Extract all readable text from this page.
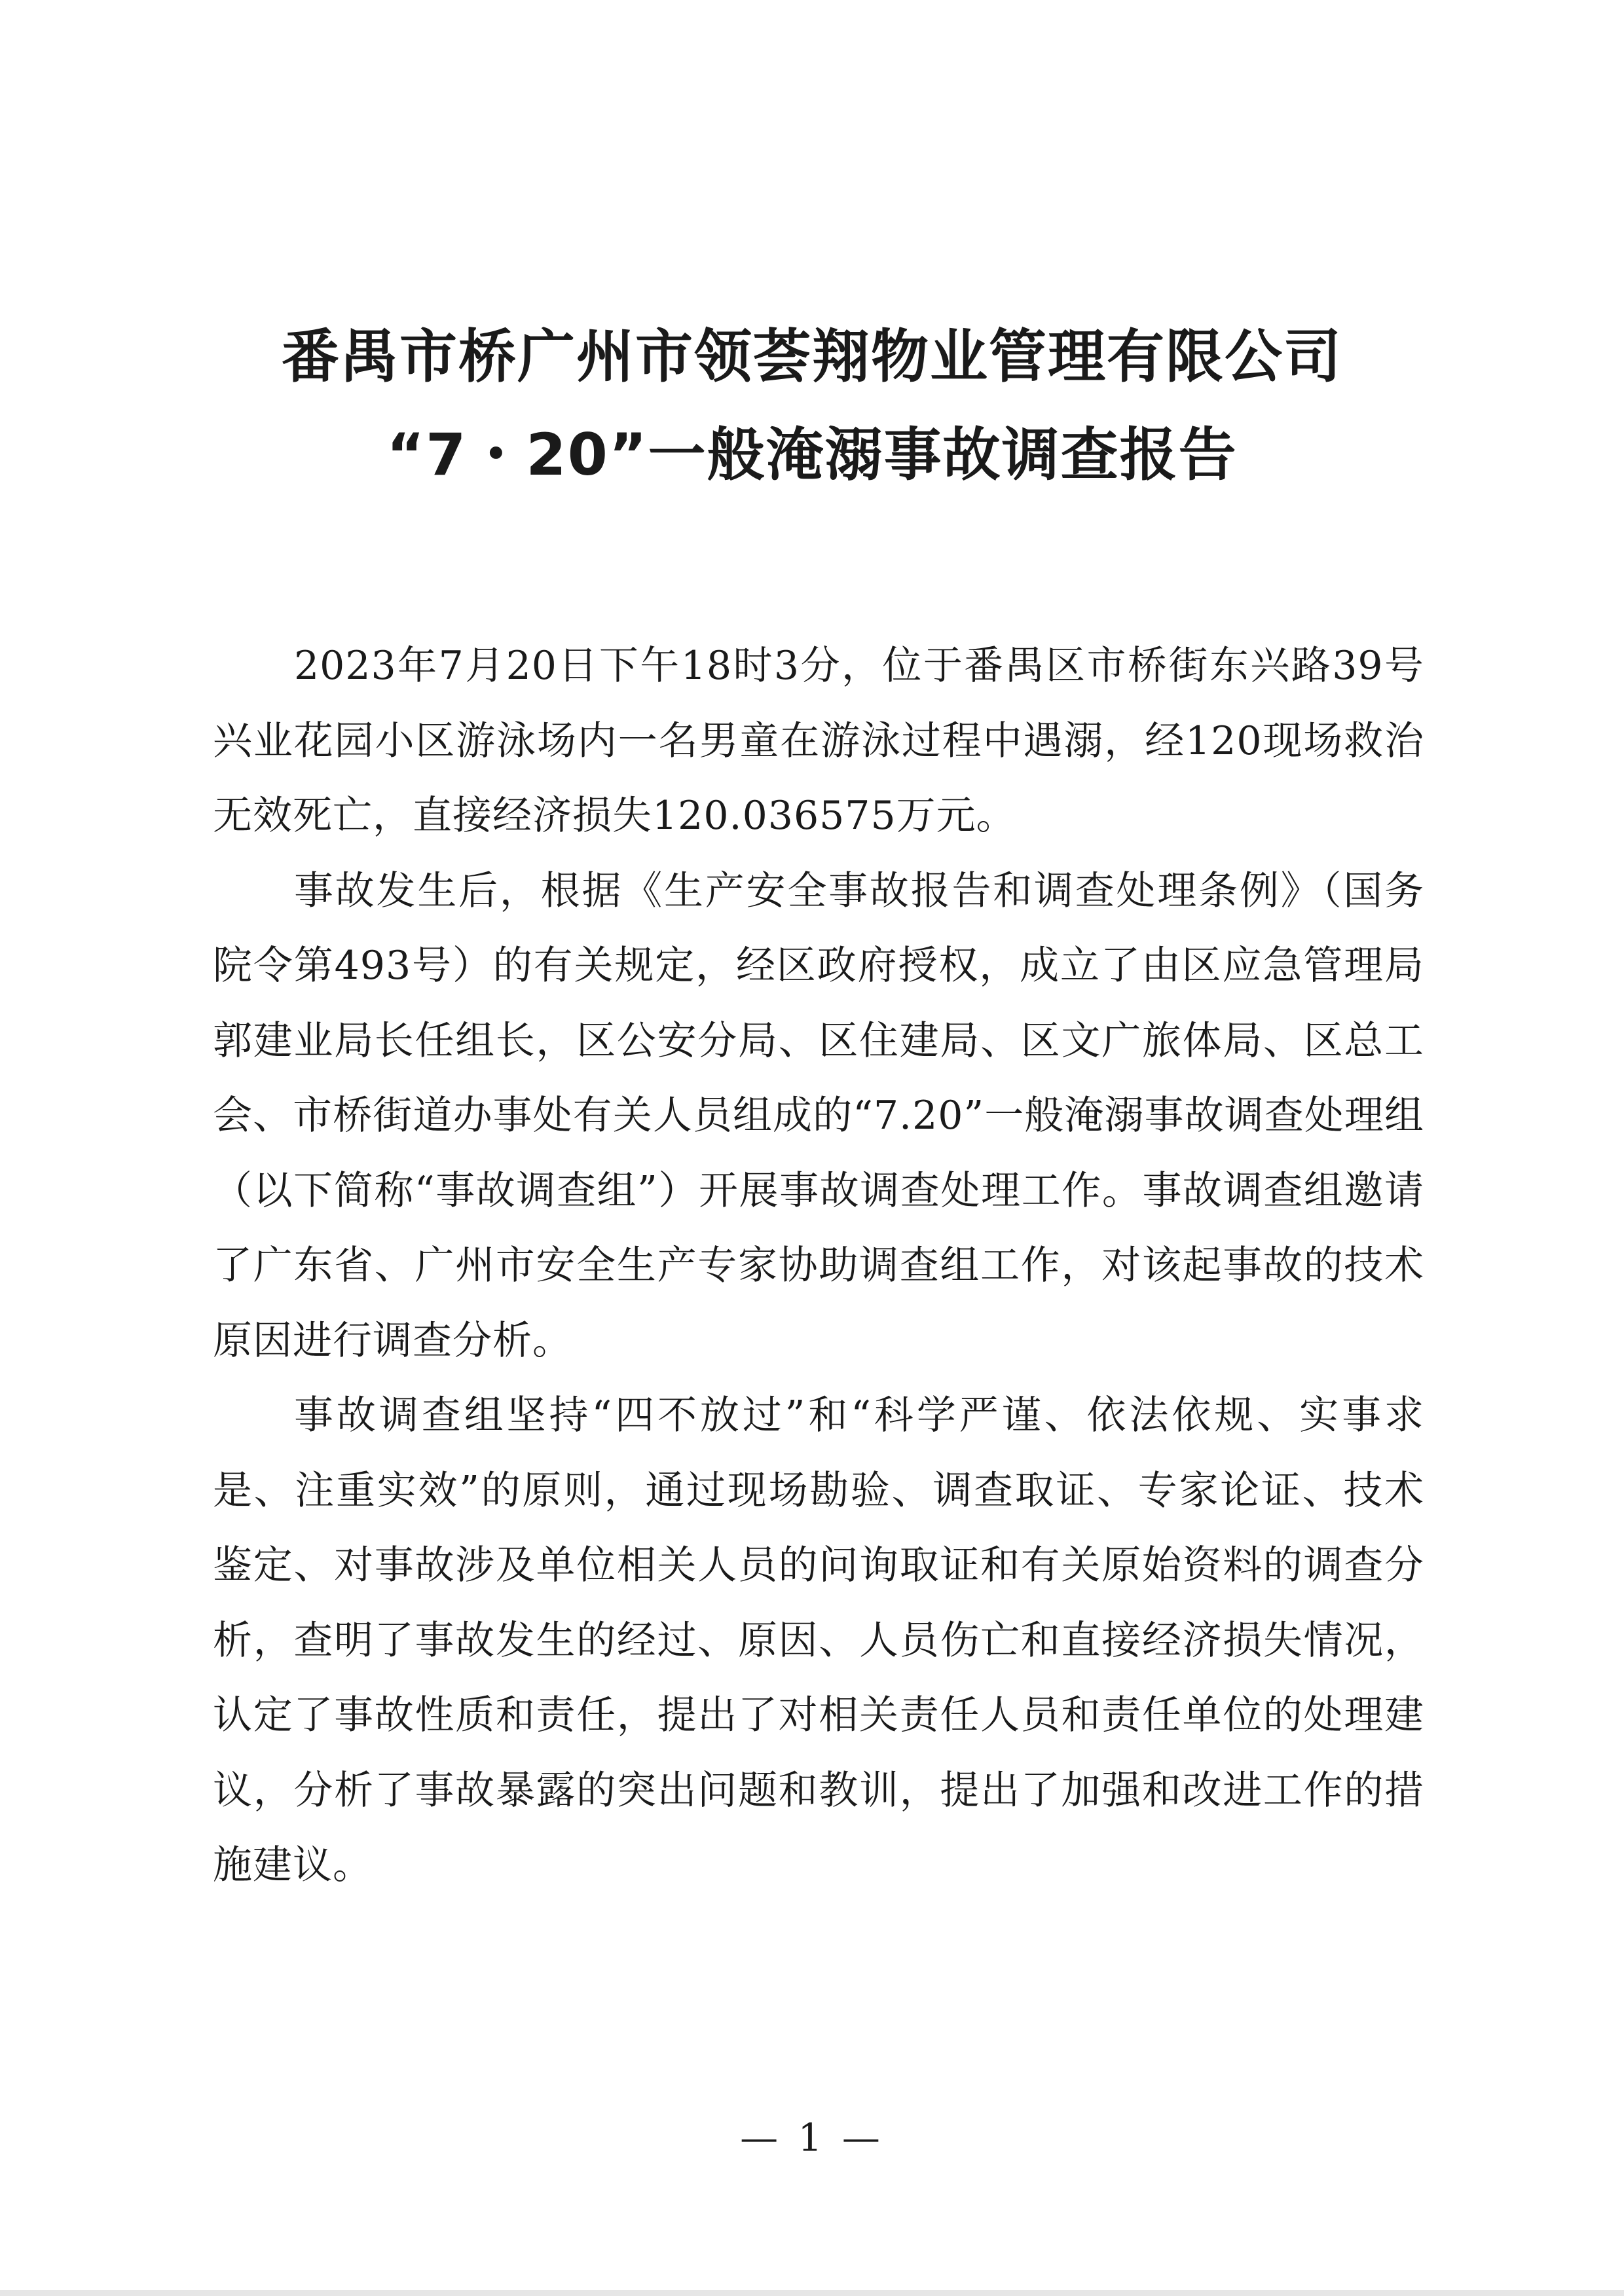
番禺市桥广州市领荟翔物业管理有限公司
“7・20”一般淹溺事故调查报告

2023年7月20日下午18时3分，位于番禺区市桥街东兴路39号兴业花园小区游泳场内一名男童在游泳过程中遇溺，经120现场救治无效死亡，直接经济损失120.036575万元。

事故发生后，根据《生产安全事故报告和调查处理条例》（国务院令第493号）的有关规定，经区政府授权，成立了由区应急管理局郭建业局长任组长，区公安分局、区住建局、区文广旅体局、区总工会、市桥街道办事处有关人员组成的“7.20”一般淹溺事故调查处理组（以下简称“事故调查组”）开展事故调查处理工作。事故调查组邀请了广东省、广州市安全生产专家协助调查组工作，对该起事故的技术原因进行调查分析。

事故调查组坚持“四不放过”和“科学严谨、依法依规、实事求是、注重实效”的原则，通过现场勘验、调查取证、专家论证、技术鉴定、对事故涉及单位相关人员的问询取证和有关原始资料的调查分析，查明了事故发生的经过、原因、人员伤亡和直接经济损失情况，认定了事故性质和责任，提出了对相关责任人员和责任单位的处理建议，分析了事故暴露的突出问题和教训，提出了加强和改进工作的措施建议。

— 1 —
